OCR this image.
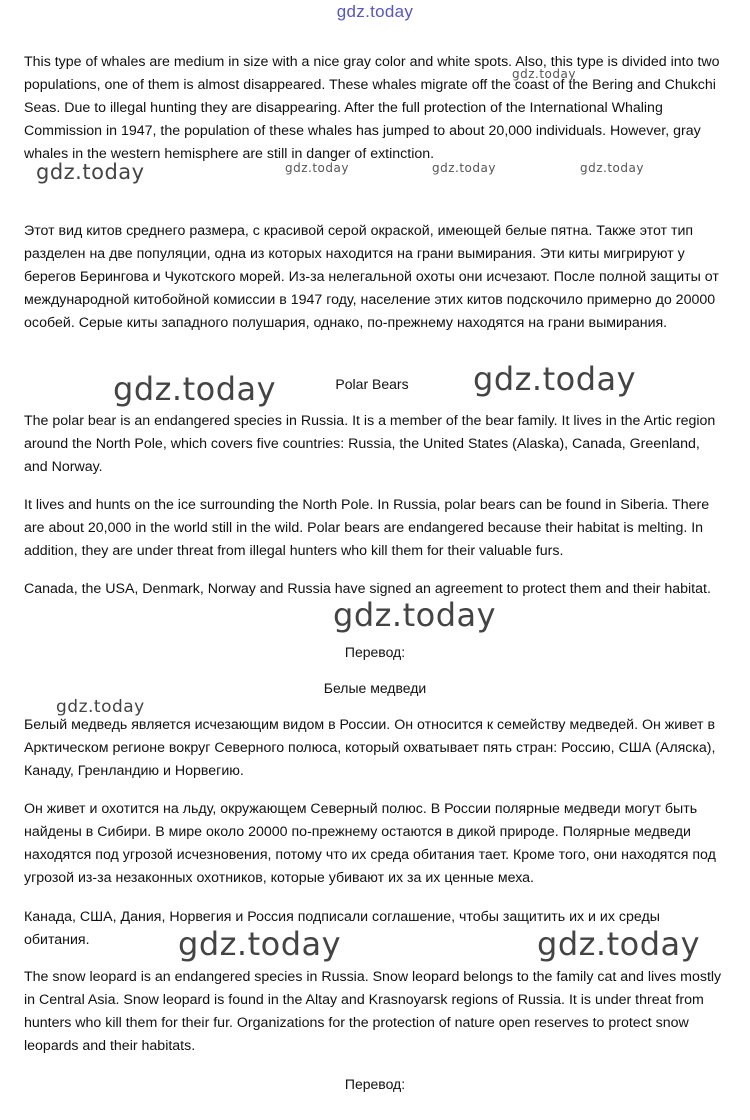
gdz.today

This type of whales are medium in size with a nice gray color and white spots. Also, this type is divided into two populations, one of them is almost disappeared. These whales migrate off the coast of the Bering and Chukchi Seas. Due to illegal hunting they are disappearing. After the full protection of the International Whaling Commission in 1947, the population of these whales has jumped to about 20,000 individuals. However, gray whales in the western hemisphere are still in danger of extinction.

gdz.today
gdz.today	gdz.today	gdz.today	gdz.today

Этот вид китов среднего размера, с красивой серой окраской, имеющей белые пятна. Также этот тип разделен на две популяции, одна из которых находится на грани вымирания. Эти киты мигрируют у берегов Берингова и Чукотского морей. Из-за нелегальной охоты они исчезают. После полной защиты от международной китобойной комиссии в 1947 году, население этих китов подскочило примерно до 20000 особей. Серые киты западного полушария, однако, по-прежнему находятся на грани вымирания.

gdz.today	Polar Bears	gdz.today

The polar bear is an endangered species in Russia. It is a member of the bear family. It lives in the Artic region around the North Pole, which covers five countries: Russia, the United States (Alaska), Canada, Greenland, and Norway.

It lives and hunts on the ice surrounding the North Pole. In Russia, polar bears can be found in Siberia. There are about 20,000 in the world still in the wild. Polar bears are endangered because their habitat is melting. In addition, they are under threat from illegal hunters who kill them for their valuable furs.

Canada, the USA, Denmark, Norway and Russia have signed an agreement to protect them and their habitat.

gdz.today
Перевод:
Белые медведи
gdz.today

Белый медведь является исчезающим видом в России. Он относится к семейству медведей. Он живет в Арктическом регионе вокруг Северного полюса, который охватывает пять стран: Россию, США (Аляска), Канаду, Гренландию и Норвегию.

Он живет и охотится на льду, окружающем Северный полюс. В России полярные медведи могут быть найдены в Сибири. В мире около 20000 по-прежнему остаются в дикой природе. Полярные медведи находятся под угрозой исчезновения, потому что их среда обитания тает. Кроме того, они находятся под угрозой из-за незаконных охотников, которые убивают их за их ценные меха.

Канада, США, Дания, Норвегия и Россия подписали соглашение, чтобы защитить их и их среды обитания.	gdz.today	gdz.today

The snow leopard is an endangered species in Russia. Snow leopard belongs to the family cat and lives mostly in Central Asia. Snow leopard is found in the Altay and Krasnoyarsk regions of Russia. It is under threat from hunters who kill them for their fur. Organizations for the protection of nature open reserves to protect snow leopards and their habitats.

Перевод:
